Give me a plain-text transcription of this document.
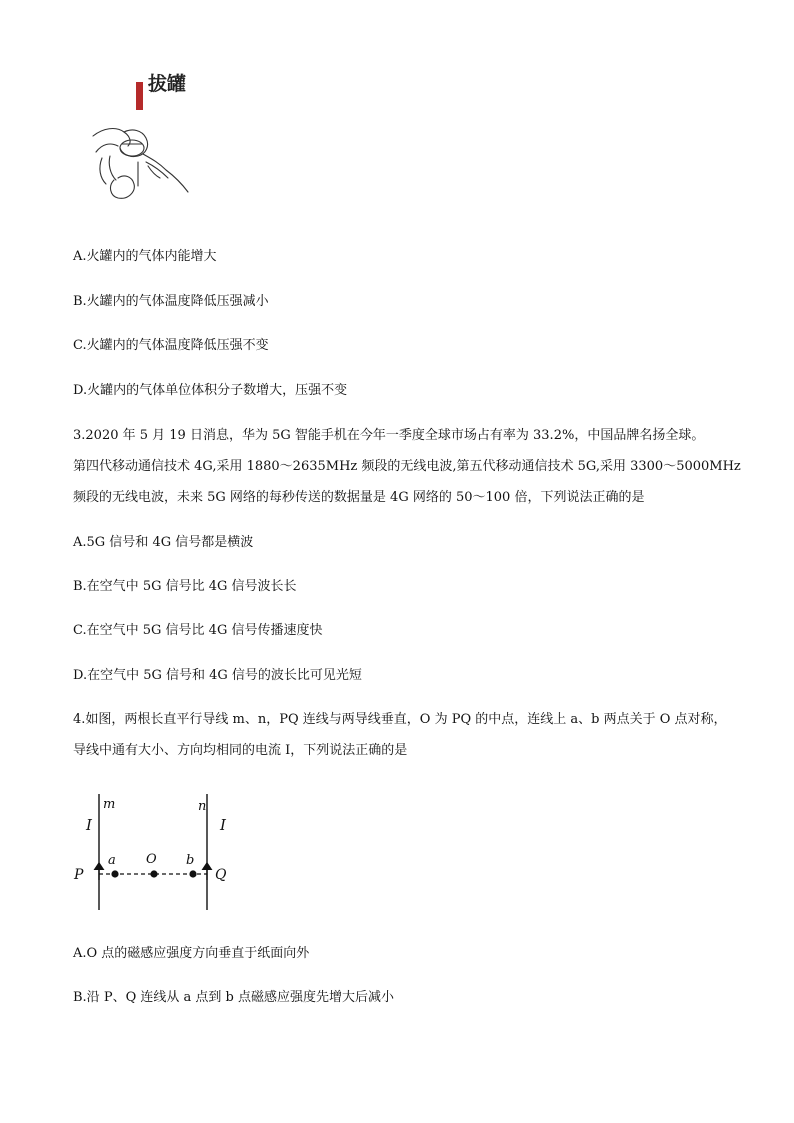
拔罐
A.火罐内的气体内能增大
B.火罐内的气体温度降低压强减小
C.火罐内的气体温度降低压强不变
D.火罐内的气体单位体积分子数增大，压强不变
3.2020 年 5 月 19 日消息，华为 5G 智能手机在今年一季度全球市场占有率为 33.2%，中国品牌名扬全球。
第四代移动通信技术 4G,采用 1880～2635MHz 频段的无线电波,第五代移动通信技术 5G,采用 3300～5000MHz
频段的无线电波，未来 5G 网络的每秒传送的数据量是 4G 网络的 50～100 倍，下列说法正确的是
A.5G 信号和 4G 信号都是横波
B.在空气中 5G 信号比 4G 信号波长长
C.在空气中 5G 信号比 4G 信号传播速度快
D.在空气中 5G 信号和 4G 信号的波长比可见光短
4.如图，两根长直平行导线 m、n，PQ 连线与两导线垂直，O 为 PQ 的中点，连线上 a、b 两点关于 O 点对称，
导线中通有大小、方向均相同的电流 I，下列说法正确的是
m	n
I	I
P	Q
a O b
A.O 点的磁感应强度方向垂直于纸面向外
B.沿 P、Q 连线从 a 点到 b 点磁感应强度先增大后减小
